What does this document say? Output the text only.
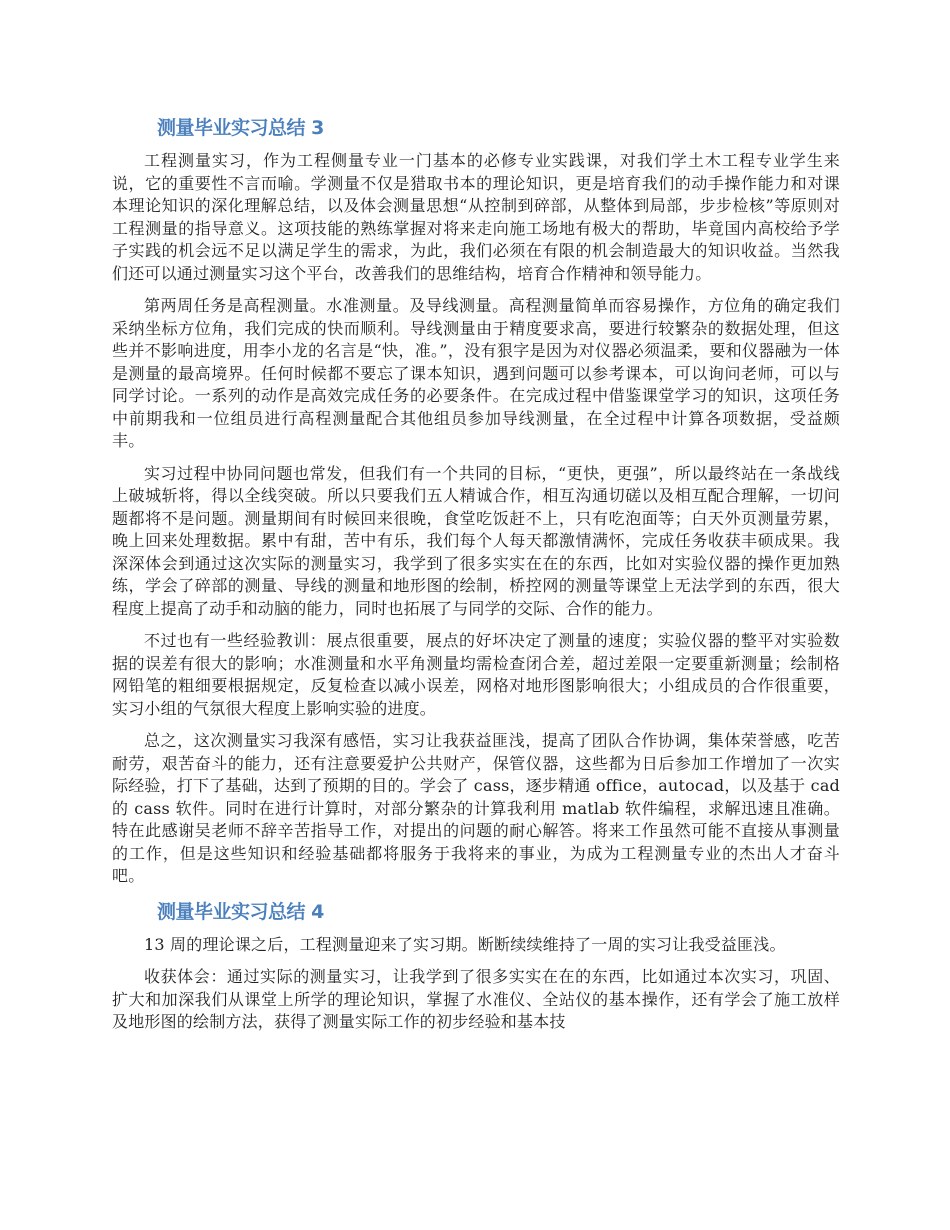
测量毕业实习总结 3

工程测量实习，作为工程侧量专业一门基本的必修专业实践课，对我们学土木工程专业学生来说，它的重要性不言而喻。学测量不仅是猎取书本的理论知识，更是培育我们的动手操作能力和对课本理论知识的深化理解总结，以及体会测量思想“从控制到碎部，从整体到局部，步步检核”等原则对工程测量的指导意义。这项技能的熟练掌握对将来走向施工场地有极大的帮助，毕竟国内高校给予学子实践的机会远不足以满足学生的需求，为此，我们必须在有限的机会制造最大的知识收益。当然我们还可以通过测量实习这个平台，改善我们的思维结构，培育合作精神和领导能力。

第两周任务是高程测量。水准测量。及导线测量。高程测量简单而容易操作，方位角的确定我们采纳坐标方位角，我们完成的快而顺利。导线测量由于精度要求高，要进行较繁杂的数据处理，但这些并不影响进度，用李小龙的名言是“快，准。”，没有狠字是因为对仪器必须温柔，要和仪器融为一体是测量的最高境界。任何时候都不要忘了课本知识，遇到问题可以参考课本，可以询问老师，可以与同学讨论。一系列的动作是高效完成任务的必要条件。在完成过程中借鉴课堂学习的知识，这项任务中前期我和一位组员进行高程测量配合其他组员参加导线测量，在全过程中计算各项数据，受益颇丰。

实习过程中协同问题也常发，但我们有一个共同的目标，“更快，更强”，所以最终站在一条战线上破城斩将，得以全线突破。所以只要我们五人精诚合作，相互沟通切磋以及相互配合理解，一切问题都将不是问题。测量期间有时候回来很晚，食堂吃饭赶不上，只有吃泡面等；白天外页测量劳累，晚上回来处理数据。累中有甜，苦中有乐，我们每个人每天都激情满怀，完成任务收获丰硕成果。我深深体会到通过这次实际的测量实习，我学到了很多实实在在的东西，比如对实验仪器的操作更加熟练，学会了碎部的测量、导线的测量和地形图的绘制，桥控网的测量等课堂上无法学到的东西，很大程度上提高了动手和动脑的能力，同时也拓展了与同学的交际、合作的能力。

不过也有一些经验教训：展点很重要，展点的好坏决定了测量的速度；实验仪器的整平对实验数据的误差有很大的影响；水准测量和水平角测量均需检查闭合差，超过差限一定要重新测量；绘制格网铅笔的粗细要根据规定，反复检查以减小误差，网格对地形图影响很大；小组成员的合作很重要，实习小组的气氛很大程度上影响实验的进度。

总之，这次测量实习我深有感悟，实习让我获益匪浅，提高了团队合作协调，集体荣誉感，吃苦耐劳，艰苦奋斗的能力，还有注意要爱护公共财产，保管仪器，这些都为日后参加工作增加了一次实际经验，打下了基础，达到了预期的目的。学会了 cass，逐步精通 office，autocad，以及基于 cad 的 cass 软件。同时在进行计算时，对部分繁杂的计算我利用 matlab 软件编程，求解迅速且准确。特在此感谢吴老师不辞辛苦指导工作，对提出的问题的耐心解答。将来工作虽然可能不直接从事测量的工作，但是这些知识和经验基础都将服务于我将来的事业，为成为工程测量专业的杰出人才奋斗吧。

测量毕业实习总结 4

13 周的理论课之后，工程测量迎来了实习期。断断续续维持了一周的实习让我受益匪浅。

收获体会：通过实际的测量实习，让我学到了很多实实在在的东西，比如通过本次实习，巩固、扩大和加深我们从课堂上所学的理论知识，掌握了水准仪、全站仪的基本操作，还有学会了施工放样及地形图的绘制方法，获得了测量实际工作的初步经验和基本技
